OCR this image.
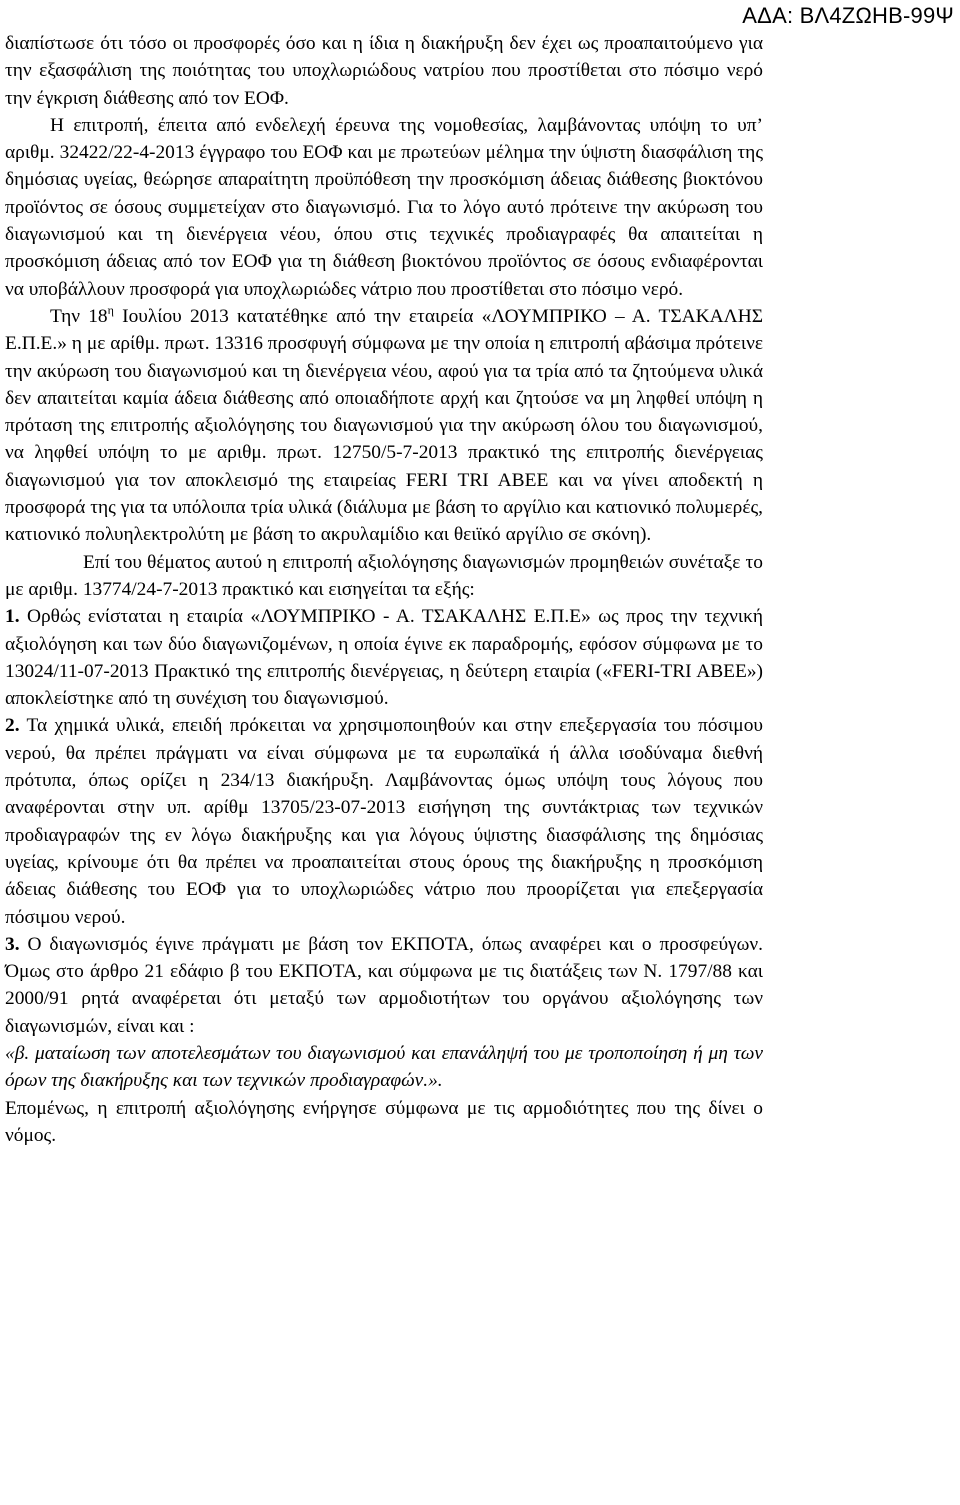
ΑΔΑ: ΒΛ4ΖΩΗΒ-99Ψ

διαπίστωσε ότι τόσο οι προσφορές όσο και η ίδια η διακήρυξη δεν έχει ως προαπαιτούμενο για την εξασφάλιση της ποιότητας του υποχλωριώδους νατρίου που προστίθεται στο πόσιμο νερό την έγκριση διάθεσης από τον ΕΟΦ.

Η επιτροπή, έπειτα από ενδελεχή έρευνα της νομοθεσίας, λαμβάνοντας υπόψη το υπ’ αριθμ. 32422/22-4-2013 έγγραφο του ΕΟΦ και με πρωτεύων μέλημα την ύψιστη διασφάλιση της δημόσιας υγείας, θεώρησε απαραίτητη προϋπόθεση την προσκόμιση άδειας διάθεσης βιοκτόνου προϊόντος σε όσους συμμετείχαν στο διαγωνισμό. Για το λόγο αυτό πρότεινε την ακύρωση του διαγωνισμού και τη διενέργεια νέου, όπου στις τεχνικές προδιαγραφές θα απαιτείται η προσκόμιση άδειας από τον ΕΟΦ για τη διάθεση βιοκτόνου προϊόντος σε όσους ενδιαφέρονται να υποβάλλουν προσφορά για υποχλωριώδες νάτριο που προστίθεται στο πόσιμο νερό.

Την $18^\eta$ Ιουλίου 2013 κατατέθηκε από την εταιρεία «ΛΟΥΜΠΡΙΚΟ – Α. ΤΣΑΚΑΛΗΣ Ε.Π.Ε.» η με αρίθμ. πρωτ. 13316 προσφυγή σύμφωνα με την οποία η επιτροπή αβάσιμα πρότεινε την ακύρωση του διαγωνισμού και τη διενέργεια νέου, αφού για τα τρία από τα ζητούμενα υλικά δεν απαιτείται καμία άδεια διάθεσης από οποιαδήποτε αρχή και ζητούσε να μη ληφθεί υπόψη η πρόταση της επιτροπής αξιολόγησης του διαγωνισμού για την ακύρωση όλου του διαγωνισμού, να ληφθεί υπόψη το με αριθμ. πρωτ. 12750/5-7-2013 πρακτικό της επιτροπής διενέργειας διαγωνισμού για τον αποκλεισμό της εταιρείας FERI TRI ABEE και να γίνει αποδεκτή η προσφορά της για τα υπόλοιπα τρία υλικά (διάλυμα με βάση το αργίλιο και κατιονικό πολυμερές, κατιονικό πολυηλεκτρολύτη με βάση το ακρυλαμίδιο και θειϊκό αργίλιο σε σκόνη).

Επί του θέματος αυτού η επιτροπή αξιολόγησης διαγωνισμών προμηθειών συνέταξε το με αριθμ. 13774/24-7-2013 πρακτικό και εισηγείται τα εξής:

1. Ορθώς ενίσταται η εταιρία «ΛΟΥΜΠΡΙΚΟ - Α. ΤΣΑΚΑΛΗΣ Ε.Π.Ε» ως προς την τεχνική αξιολόγηση και των δύο διαγωνιζομένων, η οποία έγινε εκ παραδρομής, εφόσον σύμφωνα με το 13024/11-07-2013 Πρακτικό της επιτροπής διενέργειας, η δεύτερη εταιρία («FERI-TRI ABEE») αποκλείστηκε από τη συνέχιση του διαγωνισμού.

2. Τα χημικά υλικά, επειδή πρόκειται να χρησιμοποιηθούν και στην επεξεργασία του πόσιμου νερού, θα πρέπει πράγματι να είναι σύμφωνα με τα ευρωπαϊκά ή άλλα ισοδύναμα διεθνή πρότυπα, όπως ορίζει η 234/13 διακήρυξη. Λαμβάνοντας όμως υπόψη τους λόγους που αναφέρονται στην υπ. αρίθμ 13705/23-07-2013 εισήγηση της συντάκτριας των τεχνικών προδιαγραφών της εν λόγω διακήρυξης και για λόγους ύψιστης διασφάλισης της δημόσιας υγείας, κρίνουμε ότι θα πρέπει να προαπαιτείται στους όρους της διακήρυξης η προσκόμιση άδειας διάθεσης του ΕΟΦ για το υποχλωριώδες νάτριο που προορίζεται για επεξεργασία πόσιμου νερού.

3. Ο διαγωνισμός έγινε πράγματι με βάση τον ΕΚΠΟΤΑ, όπως αναφέρει και ο προσφεύγων. Όμως στο άρθρο 21 εδάφιο β του ΕΚΠΟΤΑ, και σύμφωνα με τις διατάξεις των Ν. 1797/88 και 2000/91 ρητά αναφέρεται ότι μεταξύ των αρμοδιοτήτων του οργάνου αξιολόγησης των διαγωνισμών, είναι και :

«β. ματαίωση των αποτελεσμάτων του διαγωνισμού και επανάληψή του με τροποποίηση ή μη των όρων της διακήρυξης και των τεχνικών προδιαγραφών.».

Επομένως, η επιτροπή αξιολόγησης ενήργησε σύμφωνα με τις αρμοδιότητες που της δίνει ο νόμος.
